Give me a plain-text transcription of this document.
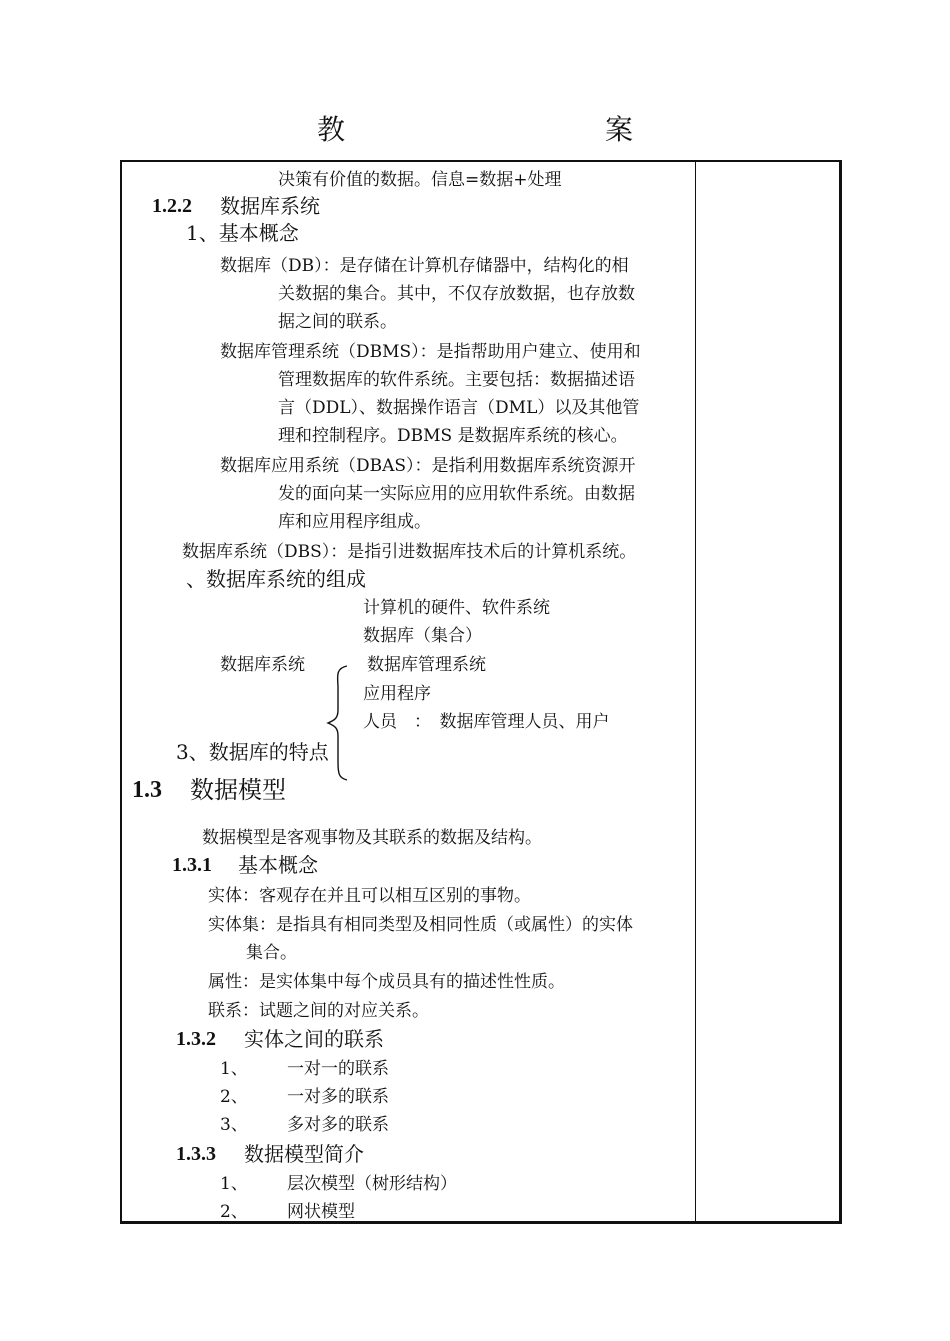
教　　案
决策有价值的数据。信息=数据+处理
1.2.2 数据库系统
1、基本概念
数据库（DB）：是存储在计算机存储器中，结构化的相
关数据的集合。其中，不仅存放数据，也存放数
据之间的联系。
数据库管理系统（DBMS）：是指帮助用户建立、使用和
管理数据库的软件系统。主要包括：数据描述语
言（DDL）、数据操作语言（DML）以及其他管
理和控制程序。DBMS 是数据库系统的核心。
数据库应用系统（DBAS）：是指利用数据库系统资源开
发的面向某一实际应用的应用软件系统。由数据
库和应用程序组成。
数据库系统（DBS）：是指引进数据库技术后的计算机系统。
、数据库系统的组成
计算机的硬件、软件系统
数据库（集合）
数据库系统	数据库管理系统
应用程序
人员　：　数据库管理人员、用户
3、数据库的特点
1.3 数据模型
数据模型是客观事物及其联系的数据及结构。
1.3.1 基本概念
实体：客观存在并且可以相互区别的事物。
实体集：是指具有相同类型及相同性质（或属性）的实体
集合。
属性：是实体集中每个成员具有的描述性性质。
联系：试题之间的对应关系。
1.3.2 实体之间的联系
1、 一对一的联系
2、 一对多的联系
3、 多对多的联系
1.3.3 数据模型简介
1、 层次模型（树形结构）
2、 网状模型
